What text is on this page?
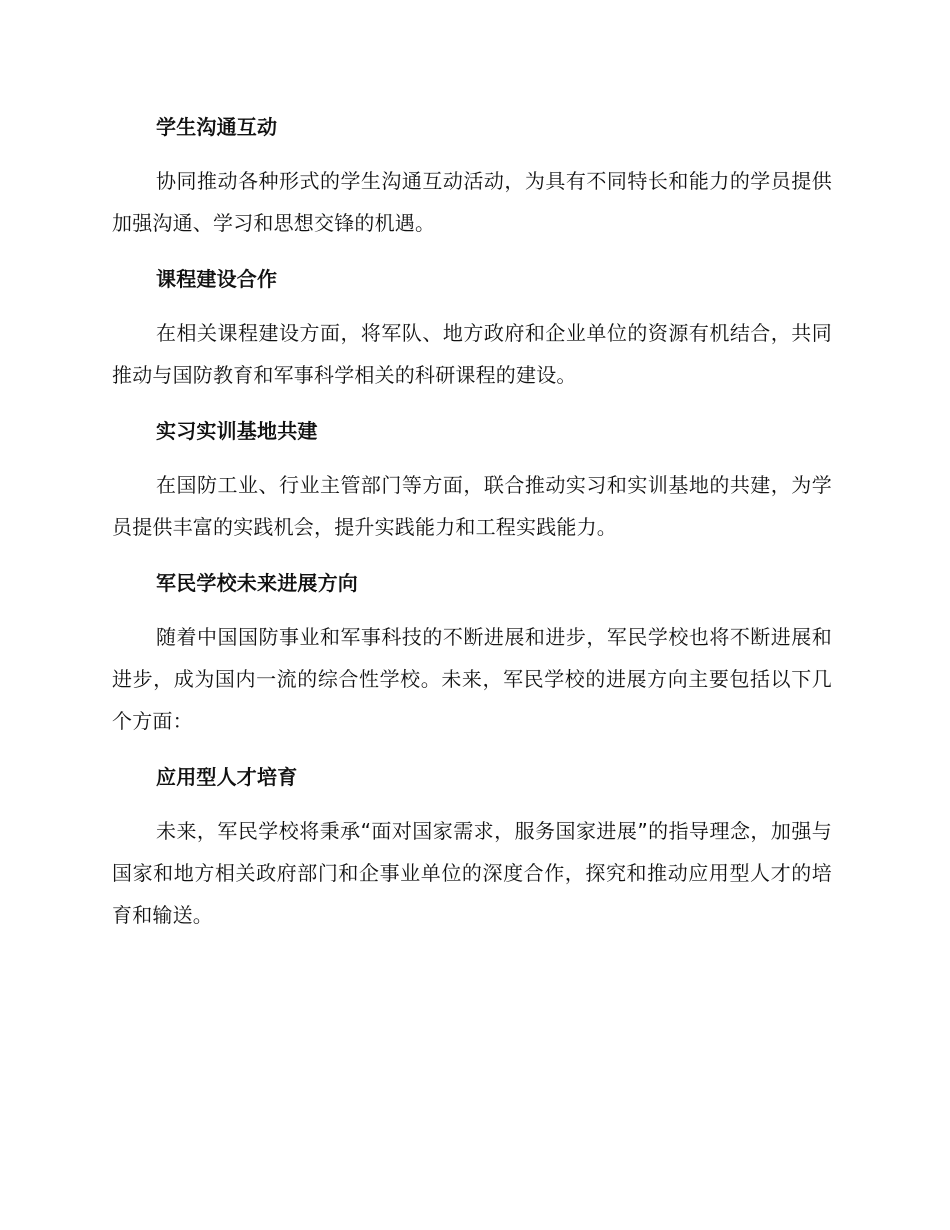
学生沟通互动

协同推动各种形式的学生沟通互动活动，为具有不同特长和能力的学员提供加强沟通、学习和思想交锋的机遇。

课程建设合作

在相关课程建设方面，将军队、地方政府和企业单位的资源有机结合，共同推动与国防教育和军事科学相关的科研课程的建设。

实习实训基地共建

在国防工业、行业主管部门等方面，联合推动实习和实训基地的共建，为学员提供丰富的实践机会，提升实践能力和工程实践能力。

军民学校未来进展方向

随着中国国防事业和军事科技的不断进展和进步，军民学校也将不断进展和进步，成为国内一流的综合性学校。未来，军民学校的进展方向主要包括以下几个方面：

应用型人才培育

未来，军民学校将秉承“面对国家需求，服务国家进展”的指导理念，加强与国家和地方相关政府部门和企事业单位的深度合作，探究和推动应用型人才的培育和输送。
